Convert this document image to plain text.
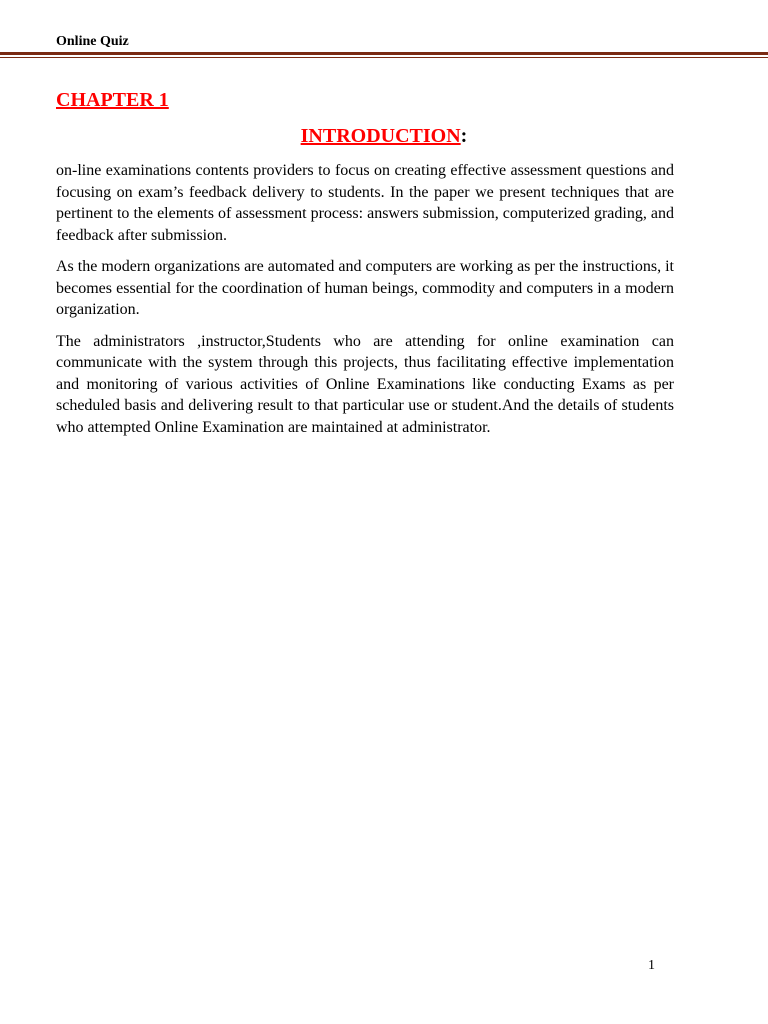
Online Quiz
CHAPTER 1
INTRODUCTION:

on-line examinations contents providers to focus on creating effective assessment questions and focusing on exam’s feedback delivery to students. In the paper we present techniques that are pertinent to the elements of assessment process: answers submission, computerized grading, and feedback after submission.

As the modern organizations are automated and computers are working as per the instructions, it becomes essential for the coordination of human beings, commodity and computers in a modern organization.

The administrators ,instructor,Students who are attending for online examination can communicate with the system through this projects, thus facilitating effective implementation and monitoring of various activities of Online Examinations like conducting Exams as per scheduled basis and delivering result to that particular use or student.And the details of students who attempted Online Examination are maintained at administrator.

1
